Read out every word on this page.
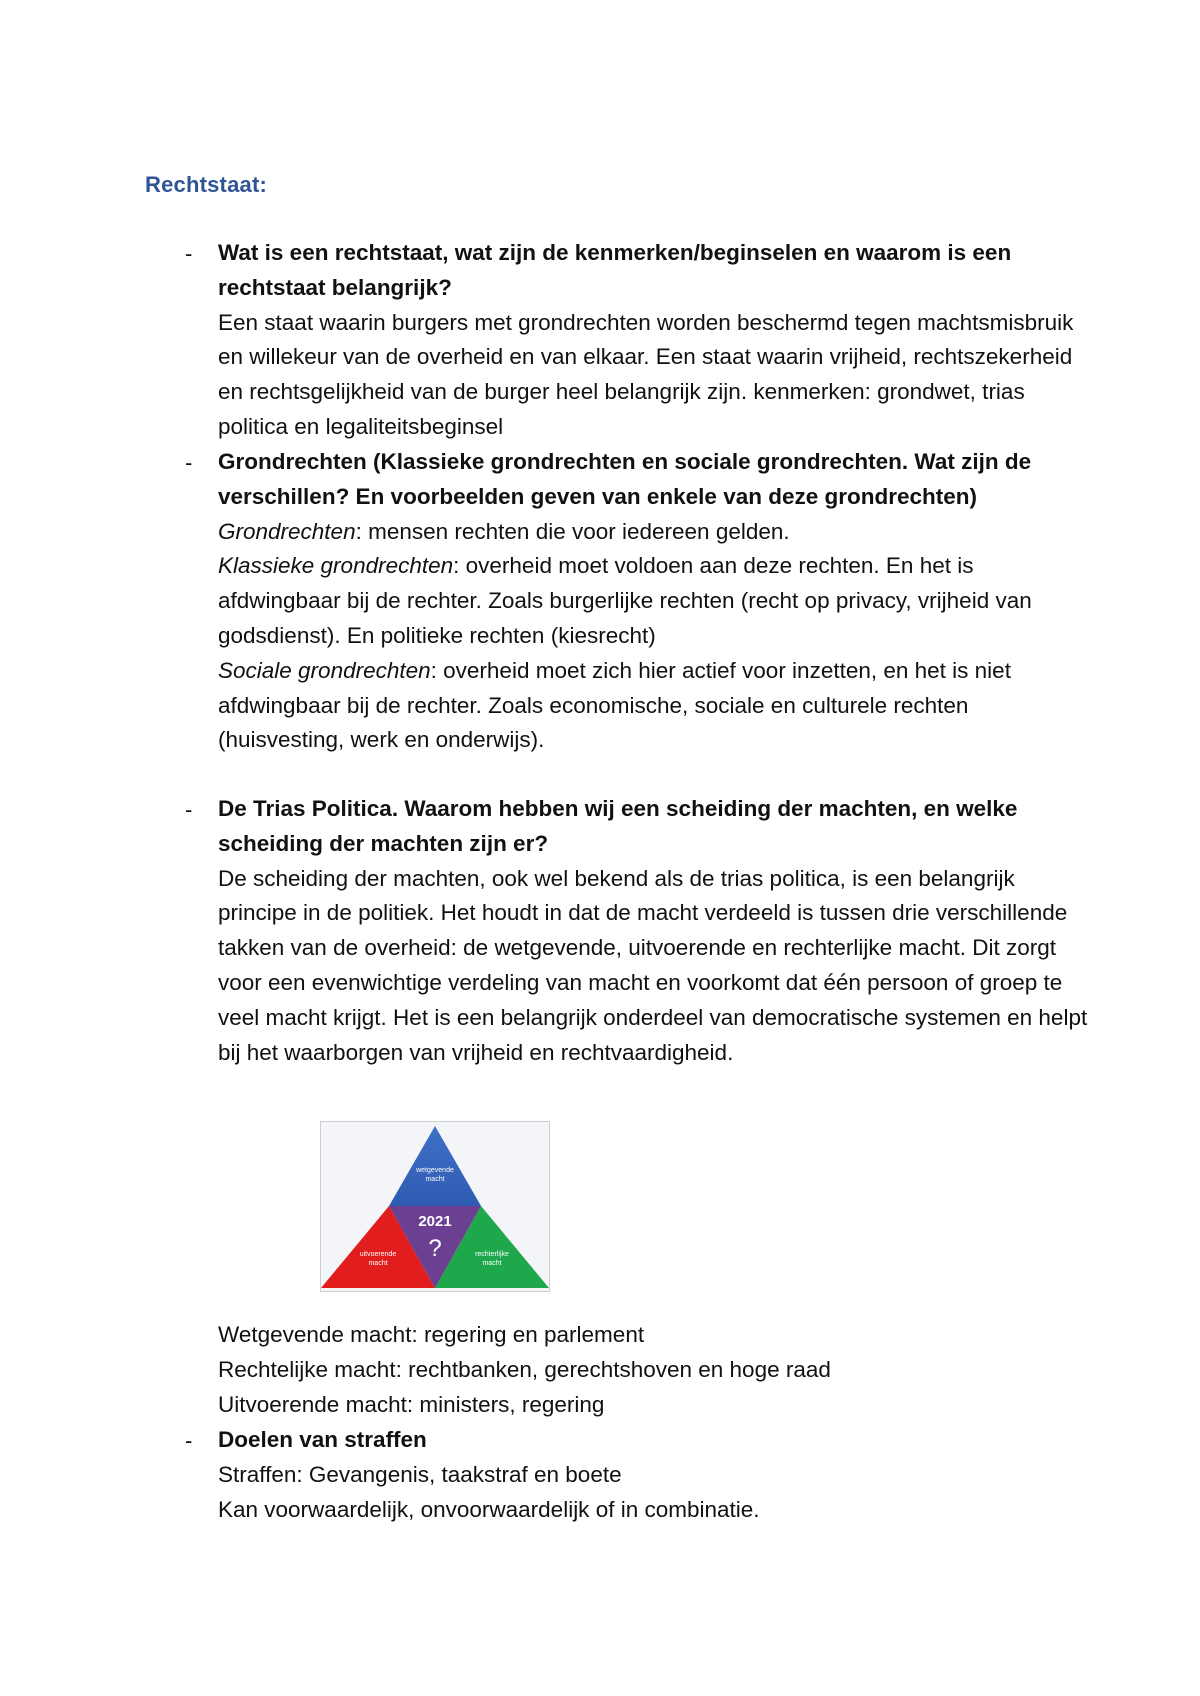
Rechtstaat:
- Wat is een rechtstaat, wat zijn de kenmerken/beginselen en waarom is een rechtstaat belangrijk?

Een staat waarin burgers met grondrechten worden beschermd tegen machtsmisbruik en willekeur van de overheid en van elkaar. Een staat waarin vrijheid, rechtszekerheid en rechtsgelijkheid van de burger heel belangrijk zijn. kenmerken: grondwet, trias politica en legaliteitsbeginsel

- Grondrechten (Klassieke grondrechten en sociale grondrechten. Wat zijn de verschillen? En voorbeelden geven van enkele van deze grondrechten)

Grondrechten: mensen rechten die voor iedereen gelden.

Klassieke grondrechten: overheid moet voldoen aan deze rechten. En het is afdwingbaar bij de rechter. Zoals burgerlijke rechten (recht op privacy, vrijheid van godsdienst). En politieke rechten (kiesrecht)

Sociale grondrechten: overheid moet zich hier actief voor inzetten, en het is niet afdwingbaar bij de rechter. Zoals economische, sociale en culturele rechten (huisvesting, werk en onderwijs).

- De Trias Politica. Waarom hebben wij een scheiding der machten, en welke scheiding der machten zijn er?

De scheiding der machten, ook wel bekend als de trias politica, is een belangrijk principe in de politiek. Het houdt in dat de macht verdeeld is tussen drie verschillende takken van de overheid: de wetgevende, uitvoerende en rechterlijke macht. Dit zorgt voor een evenwichtige verdeling van macht en voorkomt dat één persoon of groep te veel macht krijgt. Het is een belangrijk onderdeel van democratische systemen en helpt bij het waarborgen van vrijheid en rechtvaardigheid.

wetgevende
macht
2021
?
uitvoerende
macht
rechterlijke
macht

Wetgevende macht: regering en parlement

Rechtelijke macht: rechtbanken, gerechtshoven en hoge raad

Uitvoerende macht: ministers, regering

- Doelen van straffen

Straffen: Gevangenis, taakstraf en boete

Kan voorwaardelijk, onvoorwaardelijk of in combinatie.
